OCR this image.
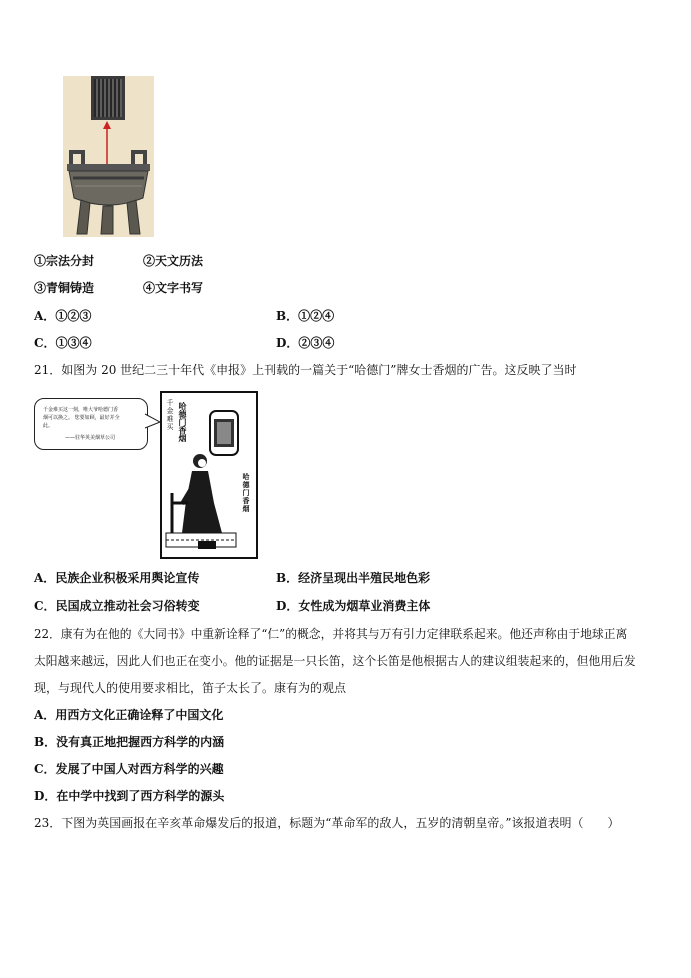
①宗法分封	②天文历法
③青铜铸造	④文字书写
A．①②③	B．①②④
C．①③④	D．②③④
21．如图为 20 世纪二三十年代《申报》上刊载的一篇关于“哈德门”牌女士香烟的广告。这反映了当时
千金难买这一刻，唯大爷哈德门香
烟可以换之。 您要如顾，最好并全
此。
——驻华英美烟草公司
千金难买
哈德门香烟
哈德门香烟
A．民族企业积极采用舆论宣传	B．经济呈现出半殖民地色彩
C．民国成立推动社会习俗转变	D．女性成为烟草业消费主体
22．康有为在他的《大同书》中重新诠释了“仁”的概念，并将其与万有引力定律联系起来。他还声称由于地球正离
太阳越来越远，因此人们也正在变小。他的证据是一只长笛，这个长笛是他根据古人的建议组装起来的，但他用后发
现，与现代人的使用要求相比，笛子太长了。康有为的观点
A．用西方文化正确诠释了中国文化
B．没有真正地把握西方科学的内涵
C．发展了中国人对西方科学的兴趣
D．在中学中找到了西方科学的源头
23．下图为英国画报在辛亥革命爆发后的报道，标题为“革命军的敌人，五岁的清朝皇帝。”该报道表明（　　）
